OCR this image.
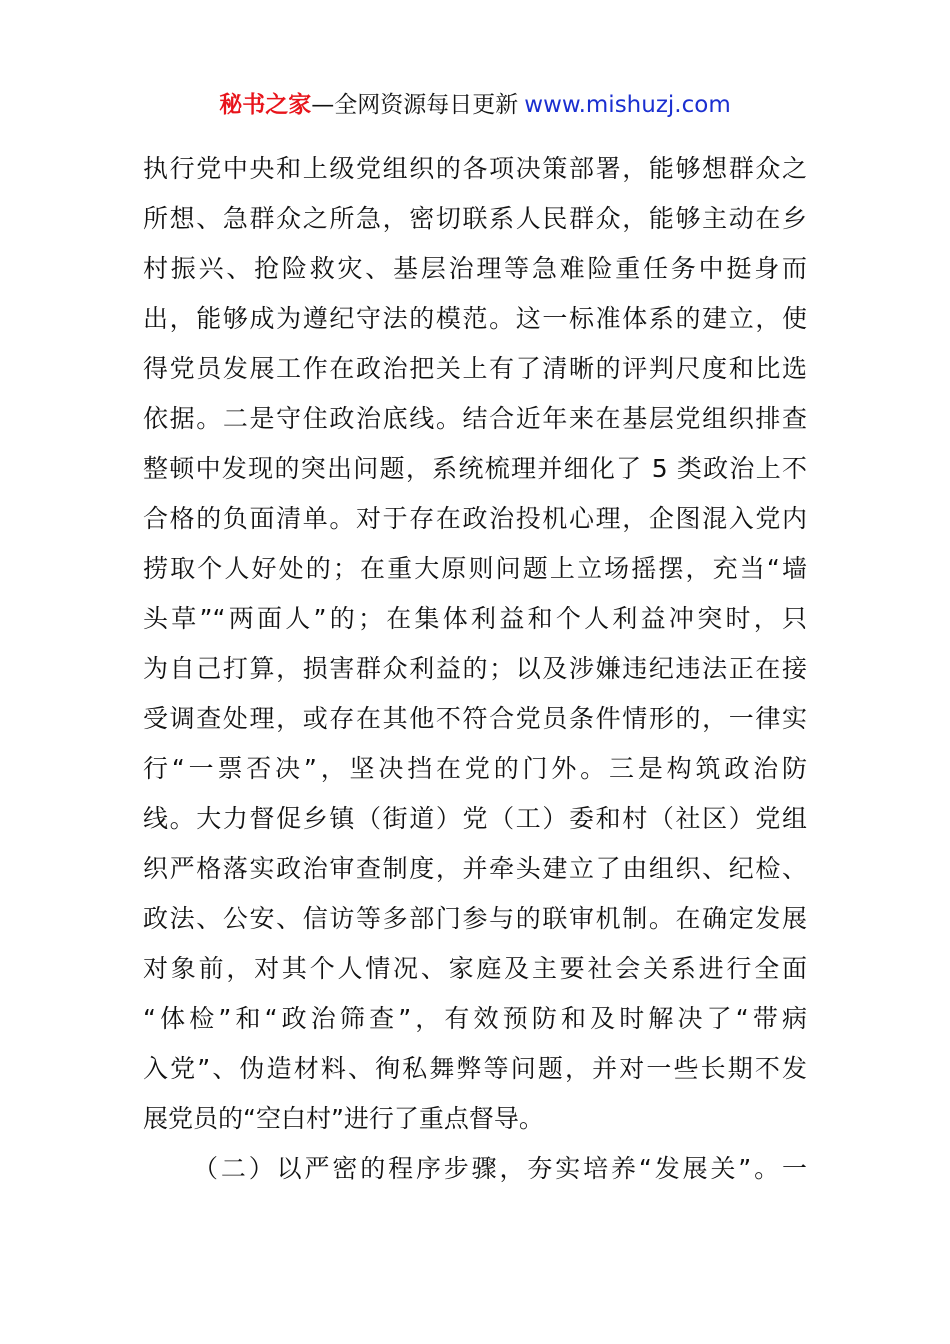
秘书之家—全网资源每日更新 www.mishuzj.com
执行党中央和上级党组织的各项决策部署，能够想群众之
所想、急群众之所急，密切联系人民群众，能够主动在乡
村振兴、抢险救灾、基层治理等急难险重任务中挺身而
出，能够成为遵纪守法的模范。这一标准体系的建立，使
得党员发展工作在政治把关上有了清晰的评判尺度和比选
依据。二是守住政治底线。结合近年来在基层党组织排查
整顿中发现的突出问题，系统梳理并细化了 5 类政治上不
合格的负面清单。对于存在政治投机心理，企图混入党内
捞取个人好处的；在重大原则问题上立场摇摆，充当“墙
头草”“两面人”的；在集体利益和个人利益冲突时，只
为自己打算，损害群众利益的；以及涉嫌违纪违法正在接
受调查处理，或存在其他不符合党员条件情形的，一律实
行“一票否决”，坚决挡在党的门外。三是构筑政治防
线。大力督促乡镇（街道）党（工）委和村（社区）党组
织严格落实政治审查制度，并牵头建立了由组织、纪检、
政法、公安、信访等多部门参与的联审机制。在确定发展
对象前，对其个人情况、家庭及主要社会关系进行全面
“体检”和“政治筛查”，有效预防和及时解决了“带病
入党”、伪造材料、徇私舞弊等问题，并对一些长期不发
展党员的“空白村”进行了重点督导。
（二）以严密的程序步骤，夯实培养“发展关”。一
